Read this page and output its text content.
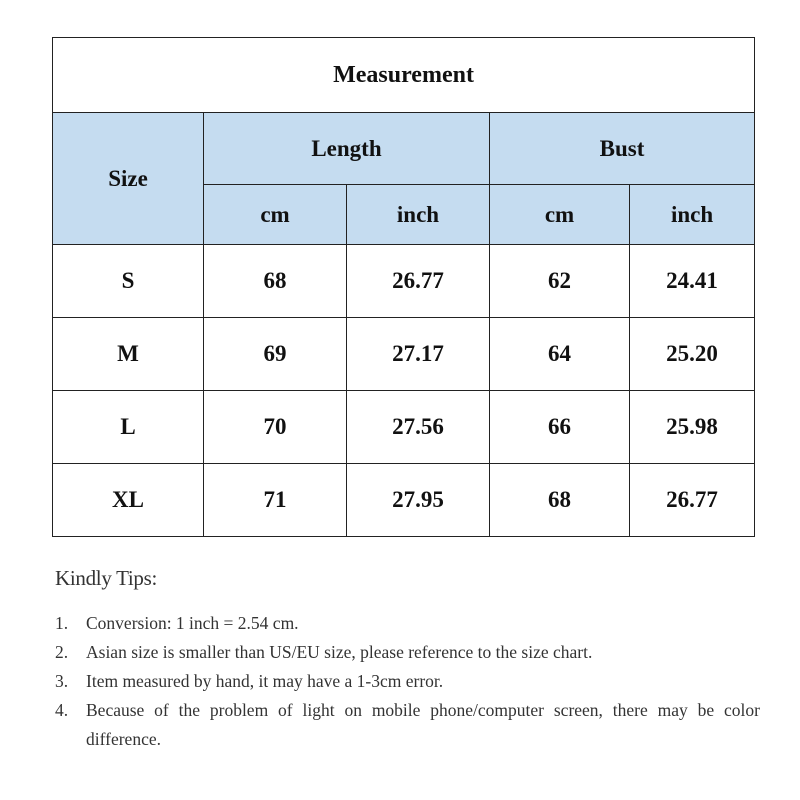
Measurement				
Size	Length		Bust	
	cm	inch	cm	inch
S	68	26.77	62	24.41
M	69	27.17	64	25.20
L	70	27.56	66	25.98
XL	71	27.95	68	26.77
Kindly Tips:
1.	Conversion: 1 inch = 2.54 cm.
2.	Asian size is smaller than US/EU size, please reference to the size chart.
3.	Item measured by hand, it may have a 1-3cm error.
4.	Because of the problem of light on mobile phone/computer screen, there may be color difference.
